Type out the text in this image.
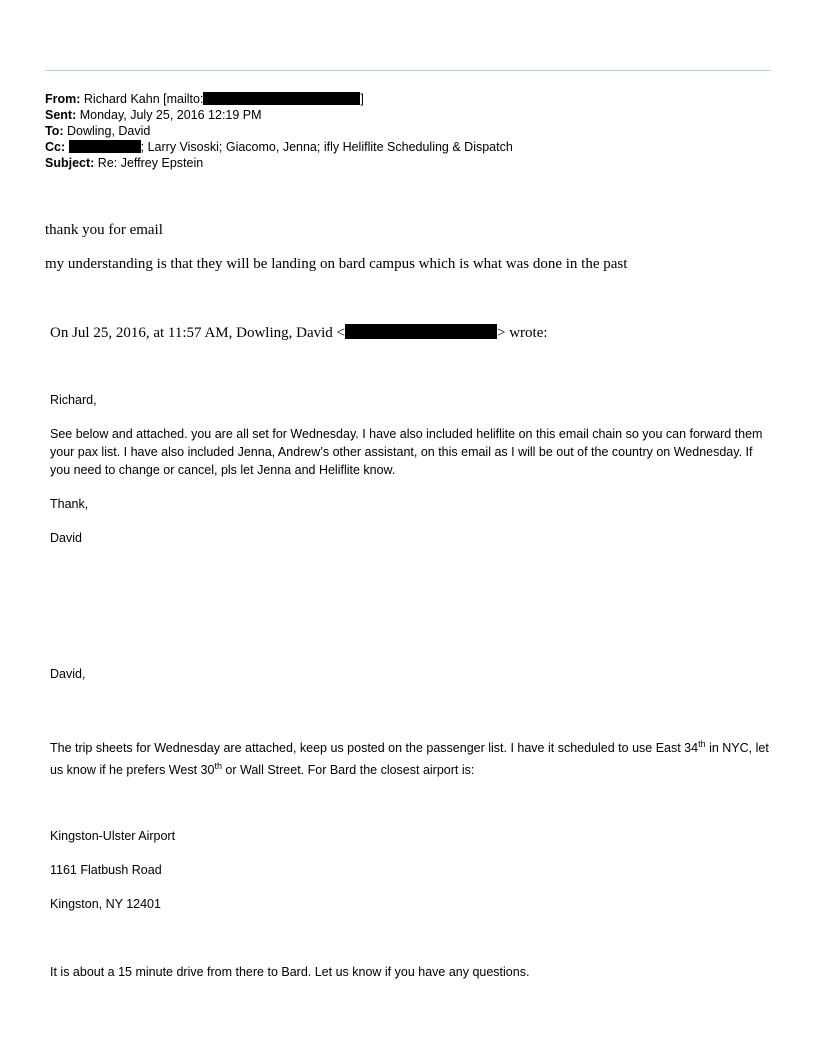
From: Richard Kahn [mailto:	]
Sent: Monday, July 25, 2016 12:19 PM
To: Dowling, David
Cc:	; Larry Visoski; Giacomo, Jenna; ifly Heliflite Scheduling & Dispatch
Subject: Re: Jeffrey Epstein
thank you for email
my understanding is that they will be landing on bard campus which is what was done in the past
On Jul 25, 2016, at 11:57 AM, Dowling, David <	> wrote:
Richard,
See below and attached. you are all set for Wednesday. I have also included heliflite on this email chain so you can forward them your pax list. I have also included Jenna, Andrew’s other assistant, on this email as I will be out of the country on Wednesday. If you need to change or cancel, pls let Jenna and Heliflite know.
Thank,
David
David,
The trip sheets for Wednesday are attached, keep us posted on the passenger list. I have it scheduled to use East 34th in NYC, let us know if he prefers West 30th or Wall Street. For Bard the closest airport is:
Kingston-Ulster Airport
1161 Flatbush Road
Kingston, NY 12401
It is about a 15 minute drive from there to Bard. Let us know if you have any questions.
